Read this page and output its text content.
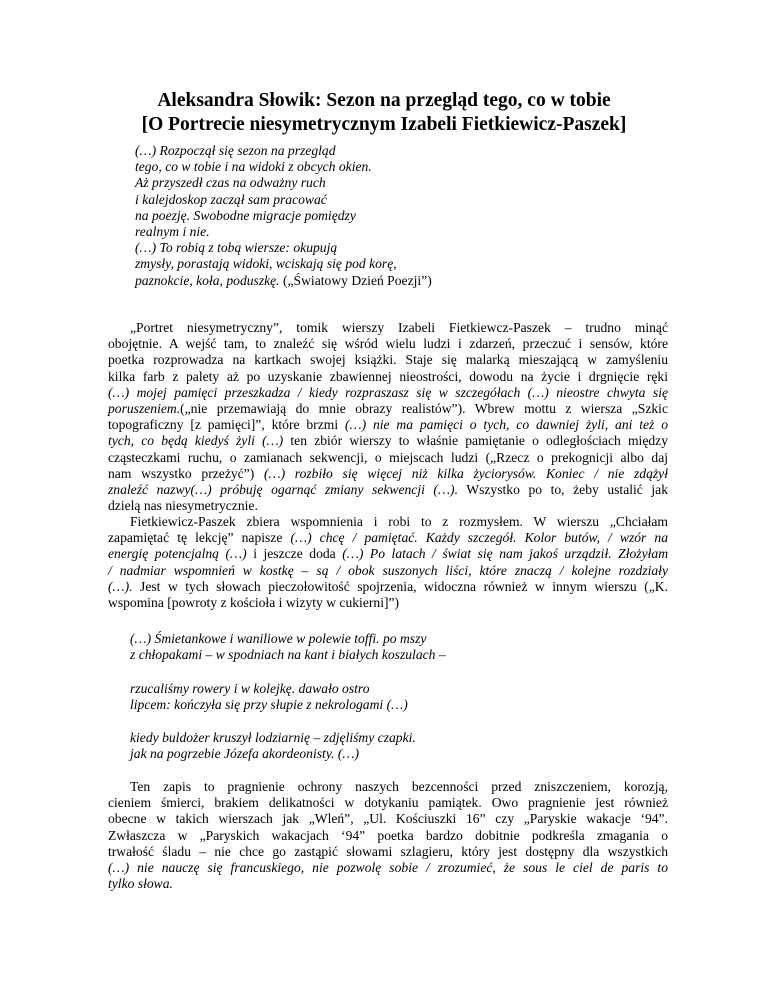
Aleksandra Słowik: Sezon na przegląd tego, co w tobie
[O Portrecie niesymetrycznym Izabeli Fietkiewicz-Paszek]
(…) Rozpoczął się sezon na przegląd
tego, co w tobie i na widoki z obcych okien.
Aż przyszedł czas na odważny ruch
i kalejdoskop zaczął sam pracować
na poezję. Swobodne migracje pomiędzy
realnym i nie.
(…) To robią z tobą wiersze: okupują
zmysły, porastają widoki, wciskają się pod korę,
paznokcie, koła, poduszkę. („Światowy Dzień Poezji”)
„Portret niesymetryczny”, tomik wierszy Izabeli Fietkiewcz-Paszek – trudno minąć
obojętnie. A wejść tam, to znaleźć się wśród wielu ludzi i zdarzeń, przeczuć i sensów, które
poetka rozprowadza na kartkach swojej książki. Staje się malarką mieszającą w zamyśleniu
kilka farb z palety aż po uzyskanie zbawiennej nieostrości, dowodu na życie i drgnięcie ręki
(…) mojej pamięci przeszkadza / kiedy rozpraszasz się w szczegółach (…) nieostre chwyta się
poruszeniem.(„nie przemawiają do mnie obrazy realistów”). Wbrew mottu z wiersza „Szkic
topograficzny [z pamięci]”, które brzmi (…) nie ma pamięci o tych, co dawniej żyli, ani też o
tych, co będą kiedyś żyli (…) ten zbiór wierszy to właśnie pamiętanie o odległościach między
cząsteczkami ruchu, o zamianach sekwencji, o miejscach ludzi („Rzecz o prekognicji albo daj
nam wszystko przeżyć”) (…) rozbiło się więcej niż kilka życiorysów. Koniec / nie zdążył
znaleźć nazwy(…) próbuję ogarnąć zmiany sekwencji (…). Wszystko po to, żeby ustalić jak
dzielą nas niesymetrycznie.
Fietkiewicz-Paszek zbiera wspomnienia i robi to z rozmysłem. W wierszu „Chciałam
zapamiętać tę lekcję” napisze (…) chcę / pamiętać. Każdy szczegół. Kolor butów, / wzór na
energię potencjalną (…) i jeszcze doda (…) Po latach / świat się nam jakoś urządził. Złożyłam
/ nadmiar wspomnień w kostkę – są / obok suszonych liści, które znaczą / kolejne rozdziały
(…). Jest w tych słowach pieczołowitość spojrzenia, widoczna również w innym wierszu („K.
wspomina [powroty z kościoła i wizyty w cukierni]”)
(…) Śmietankowe i waniliowe w polewie toffi. po mszy
z chłopakami – w spodniach na kant i białych koszulach –
rzucaliśmy rowery i w kolejkę. dawało ostro
lipcem: kończyła się przy słupie z nekrologami (…)
kiedy buldożer kruszył lodziarnię – zdjęliśmy czapki.
jak na pogrzebie Józefa akordeonisty. (…)
Ten zapis to pragnienie ochrony naszych bezcenności przed zniszczeniem, korozją,
cieniem śmierci, brakiem delikatności w dotykaniu pamiątek. Owo pragnienie jest również
obecne w takich wierszach jak „Wleń”, „Ul. Kościuszki 16” czy „Paryskie wakacje ‘94”.
Zwłaszcza w „Paryskich wakacjach ‘94” poetka bardzo dobitnie podkreśla zmagania o
trwałość śladu – nie chce go zastąpić słowami szlagieru, który jest dostępny dla wszystkich
(…) nie nauczę się francuskiego, nie pozwolę sobie / zrozumieć, że sous le ciel de paris to
tylko słowa.
